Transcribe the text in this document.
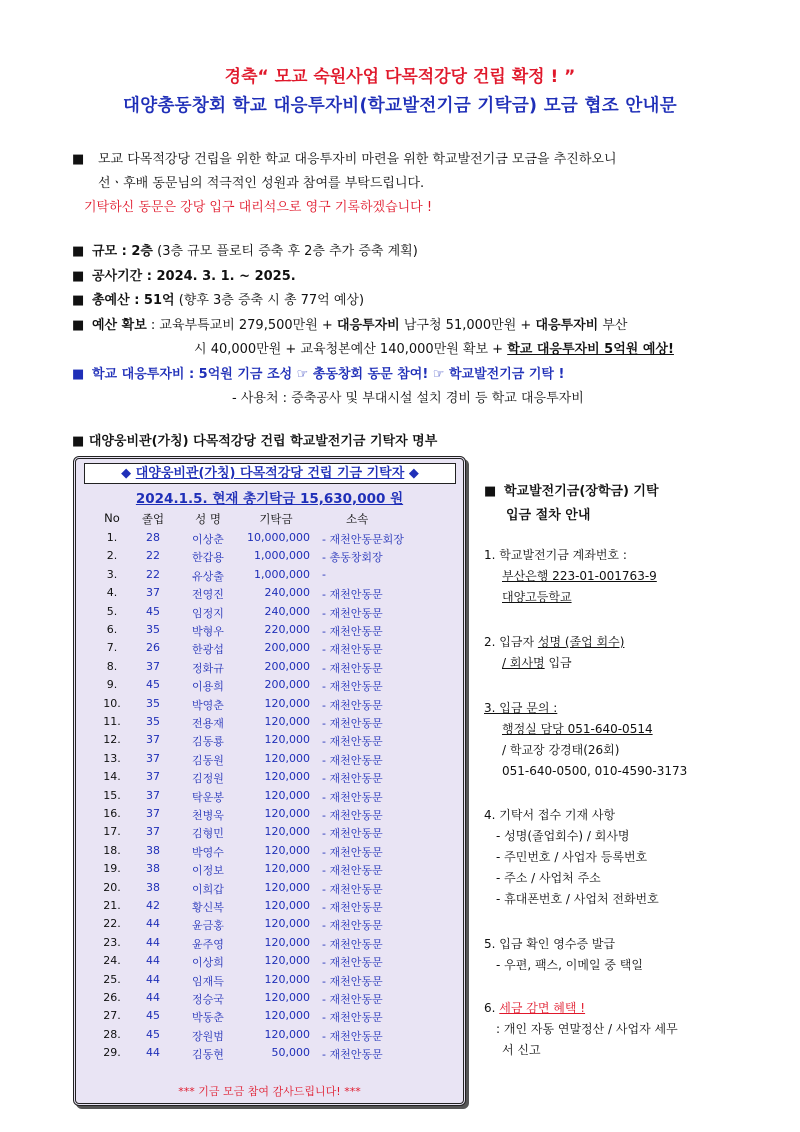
경축“ 모교 숙원사업 다목적강당 건립 확정 ! ”
대양총동창회 학교 대응투자비(학교발전기금 기탁금) 모금 협조 안내문
■ 모교 다목적강당 건립을 위한 학교 대응투자비 마련을 위한 학교발전기금 모금을 추진하오니

선ㆍ후배 동문님의 적극적인 성원과 참여를 부탁드립니다.

기탁하신 동문은 강당 입구 대리석으로 영구 기록하겠습니다 !

■ 규모 : 2층 (3층 규모 플로티 증축 후 2층 추가 증축 계획)
■ 공사기간 : 2024. 3. 1. ~ 2025.
■ 총예산 : 51억 (향후 3층 증축 시 총 77억 예상)
■ 예산 확보 : 교육부특교비 279,500만원 + 대응투자비 남구청 51,000만원 + 대응투자비 부산
시 40,000만원 + 교육청본예산 140,000만원 확보 + 학교 대응투자비 5억원 예상!
■ 학교 대응투자비 : 5억원 기금 조성 ☞ 총동창회 동문 참여! ☞ 학교발전기금 기탁 !
- 사용처 : 증축공사 및 부대시설 설치 경비 등 학교 대응투자비
■ 대양웅비관(가칭) 다목적강당 건립 학교발전기금 기탁자 명부
◆ 대양웅비관(가칭) 다목적강당 건립 기금 기탁자 ◆
2024.1.5. 현재 총기탁금 15,630,000 원
No	졸업	성 명	기탁금	소속
1.	28	이상춘	10,000,000 - 재천안동문회장
2.	22	한갑용	1,000,000 - 총동창회장
3.	22	유상출	1,000,000 -
4.	37	전영진	240,000 - 재천안동문
5.	45	임정지	240,000 - 재천안동문
6.	35	박형우	220,000 - 재천안동문
7.	26	한광섭	200,000 - 재천안동문
8.	37	정화규	200,000 - 재천안동문
9.	45	이용희	200,000 - 재천안동문
10.	35	박영춘	120,000 - 재천안동문
11.	35	전용재	120,000 - 재천안동문
12.	37	김동룡	120,000 - 재천안동문
13.	37	김동원	120,000 - 재천안동문
14.	37	김정원	120,000 - 재천안동문
15.	37	탁운봉	120,000 - 재천안동문
16.	37	천병욱	120,000 - 재천안동문
17.	37	김형민	120,000 - 재천안동문
18.	38	박영수	120,000 - 재천안동문
19.	38	이정보	120,000 - 재천안동문
20.	38	이희갑	120,000 - 재천안동문
21.	42	황신복	120,000 - 재천안동문
22.	44	윤금홍	120,000 - 재천안동문
23.	44	윤주영	120,000 - 재천안동문
24.	44	이상희	120,000 - 재천안동문
25.	44	임재득	120,000 - 재천안동문
26.	44	정승국	120,000 - 재천안동문
27.	45	박동춘	120,000 - 재천안동문
28.	45	장원범	120,000 - 재천안동문
29.	44	김동현	50,000 - 재천안동문
*** 기금 모금 참여 감사드립니다! ***
■ 학교발전기금(장학금) 기탁

입금 절차 안내

1. 학교발전기금 계좌번호 :
부산은행 223-01-001763-9
대양고등학교
2. 입금자 성명 (졸업 회수)
/ 회사명 입금
3. 입금 문의 :
행정실 담당 051-640-0514
/ 학교장 강경태(26회)
051-640-0500, 010-4590-3173
4. 기탁서 접수 기재 사항
- 성명(졸업회수) / 회사명
- 주민번호 / 사업자 등록번호
- 주소 / 사업처 주소
- 휴대폰번호 / 사업처 전화번호
5. 입금 확인 영수증 발급
- 우편, 팩스, 이메일 중 택일
6. 세금 감면 혜택 !
: 개인 자동 연말정산 / 사업자 세무
서 신고
